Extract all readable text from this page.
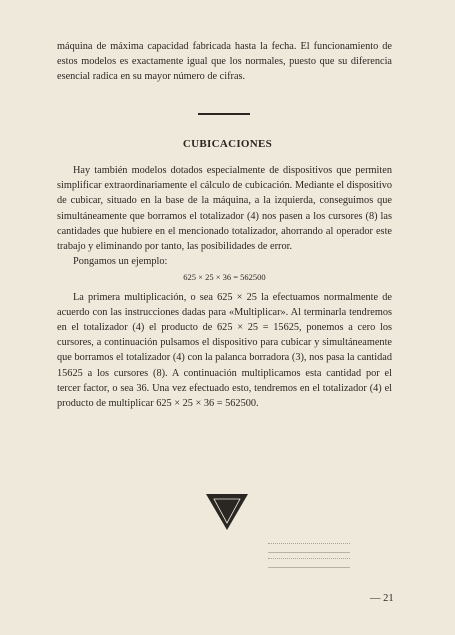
máquina de máxima capacidad fabricada hasta la fecha. El funcionamiento de estos modelos es exactamente igual que los normales, puesto que su diferencia esencial radica en su mayor número de cifras.

CUBICACIONES

Hay también modelos dotados especialmente de dispositivos que permiten simplificar extraordinariamente el cálculo de cubicación. Mediante el dispositivo de cubicar, situado en la base de la máquina, a la izquierda, conseguimos que simultáneamente que borramos el totalizador (4) nos pasen a los cursores (8) las cantidades que hubiere en el mencionado totalizador, ahorrando al operador este trabajo y eliminando por tanto, las posibilidades de error.

Pongamos un ejemplo:

625 × 25 × 36 = 562500

La primera multiplicación, o sea 625 × 25 la efectuamos normalmente de acuerdo con las instrucciones dadas para «Multiplicar». Al terminarla tendremos en el totalizador (4) el producto de 625 × 25 = 15625, ponemos a cero los cursores, a continuación pulsamos el dispositivo para cubicar y simultáneamente que borramos el totalizador (4) con la palanca borradora (3), nos pasa la cantidad 15625 a los cursores (8). A continuación multiplicamos esta cantidad por el tercer factor, o sea 36. Una vez efectuado esto, tendremos en el totalizador (4) el producto de multiplicar 625 × 25 × 36 = 562500.

— 21
